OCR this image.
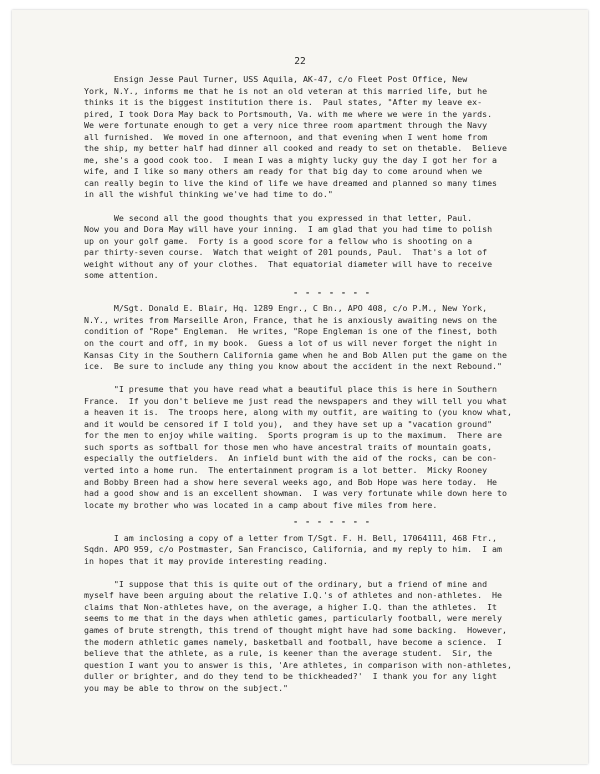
22
Ensign Jesse Paul Turner, USS Aquila, AK-47, c/o Fleet Post Office, New
York, N.Y., informs me that he is not an old veteran at this married life, but he
thinks it is the biggest institution there is.  Paul states, "After my leave ex-
pired, I took Dora May back to Portsmouth, Va. with me where we were in the yards.
We were fortunate enough to get a very nice three room apartment through the Navy
all furnished.  We moved in one afternoon, and that evening when I went home from
the ship, my better half had dinner all cooked and ready to set on thetable.  Believe
me, she's a good cook too.  I mean I was a mighty lucky guy the day I got her for a
wife, and I like so many others am ready for that big day to come around when we
can really begin to live the kind of life we have dreamed and planned so many times
in all the wishful thinking we've had time to do."
We second all the good thoughts that you expressed in that letter, Paul.
Now you and Dora May will have your inning.  I am glad that you had time to polish
up on your golf game.  Forty is a good score for a fellow who is shooting on a
par thirty-seven course.  Watch that weight of 201 pounds, Paul.  That's a lot of
weight without any of your clothes.  That equatorial diameter will have to receive
some attention.
- - - - - - -
M/Sgt. Donald E. Blair, Hq. 1289 Engr., C Bn., APO 408, c/o P.M., New York,
N.Y., writes from Marseille Aron, France, that he is anxiously awaiting news on the
condition of "Rope" Engleman.  He writes, "Rope Engleman is one of the finest, both
on the court and off, in my book.  Guess a lot of us will never forget the night in
Kansas City in the Southern California game when he and Bob Allen put the game on the
ice.  Be sure to include any thing you know about the accident in the next Rebound."
"I presume that you have read what a beautiful place this is here in Southern
France.  If you don't believe me just read the newspapers and they will tell you what
a heaven it is.  The troops here, along with my outfit, are waiting to (you know what,
and it would be censored if I told you),  and they have set up a "vacation ground"
for the men to enjoy while waiting.  Sports program is up to the maximum.  There are
such sports as softball for those men who have ancestral traits of mountain goats,
especially the outfielders.  An infield bunt with the aid of the rocks, can be con-
verted into a home run.  The entertainment program is a lot better.  Micky Rooney
and Bobby Breen had a show here several weeks ago, and Bob Hope was here today.  He
had a good show and is an excellent showman.  I was very fortunate while down here to
locate my brother who was located in a camp about five miles from here.
- - - - - - -
I am inclosing a copy of a letter from T/Sgt. F. H. Bell, 17064111, 468 Ftr.,
Sqdn. APO 959, c/o Postmaster, San Francisco, California, and my reply to him.  I am
in hopes that it may provide interesting reading.
"I suppose that this is quite out of the ordinary, but a friend of mine and
myself have been arguing about the relative I.Q.'s of athletes and non-athletes.  He
claims that Non-athletes have, on the average, a higher I.Q. than the athletes.  It
seems to me that in the days when athletic games, particularly football, were merely
games of brute strength, this trend of thought might have had some backing.  However,
the modern athletic games namely, basketball and football, have become a science.  I
believe that the athlete, as a rule, is keener than the average student.  Sir, the
question I want you to answer is this, 'Are athletes, in comparison with non-athletes,
duller or brighter, and do they tend to be thickheaded?'  I thank you for any light
you may be able to throw on the subject."
